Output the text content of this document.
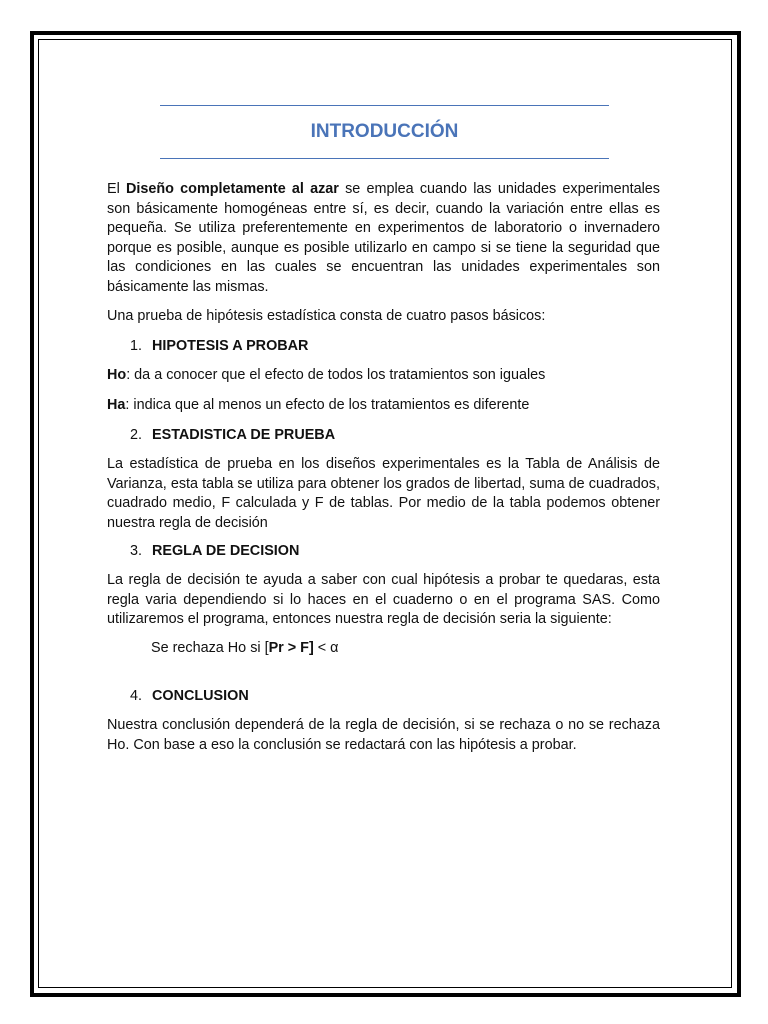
INTRODUCCIÓN

El Diseño completamente al azar se emplea cuando las unidades experimentales son básicamente homogéneas entre sí, es decir, cuando la variación entre ellas es pequeña. Se utiliza preferentemente en experimentos de laboratorio o invernadero porque es posible, aunque es posible utilizarlo en campo si se tiene la seguridad que las condiciones en las cuales se encuentran las unidades experimentales son básicamente las mismas.

Una prueba de hipótesis estadística consta de cuatro pasos básicos:

1. HIPOTESIS A PROBAR

Ho: da a conocer que el efecto de todos los tratamientos son iguales

Ha: indica que al menos un efecto de los tratamientos es diferente

2. ESTADISTICA DE PRUEBA

La estadística de prueba en los diseños experimentales es la Tabla de Análisis de Varianza, esta tabla se utiliza para obtener los grados de libertad, suma de cuadrados, cuadrado medio, F calculada y F de tablas. Por medio de la tabla podemos obtener nuestra regla de decisión

3. REGLA DE DECISION

La regla de decisión te ayuda a saber con cual hipótesis a probar te quedaras, esta regla varia dependiendo si lo haces en el cuaderno o en el programa SAS. Como utilizaremos el programa, entonces nuestra regla de decisión seria la siguiente:

Se rechaza Ho si [Pr > F] < α

4. CONCLUSION

Nuestra conclusión dependerá de la regla de decisión, si se rechaza o no se rechaza Ho. Con base a eso la conclusión se redactará con las hipótesis a probar.
